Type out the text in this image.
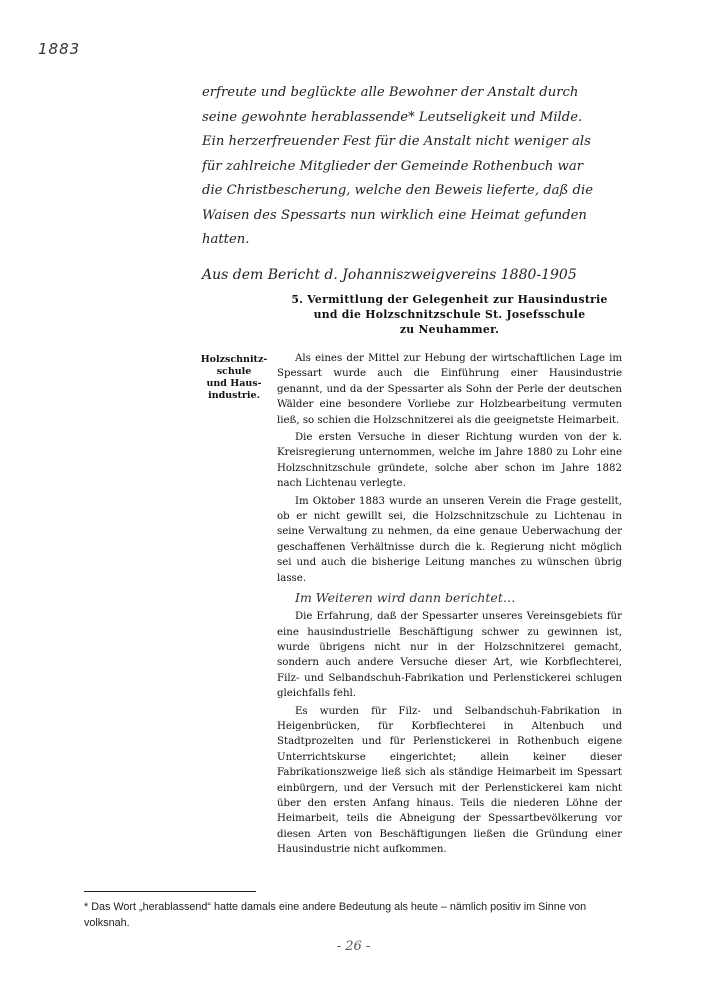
1883

erfreute und beglückte alle Bewohner der Anstalt durch

seine gewohnte herablassende* Leutseligkeit und Milde.

Ein herzerfreuender Fest für die Anstalt nicht weniger als

für zahlreiche Mitglieder der Gemeinde Rothenbuch war

die Christbescherung, welche den Beweis lieferte, daß die

Waisen des Spessarts nun wirklich eine Heimat gefunden

hatten.

Aus dem Bericht d. Johanniszweigvereins 1880-1905

5. Vermittlung der Gelegenheit zur Hausindustrie
und die Holzschnitzschule St. Josefsschule
zu Neuhammer.
Holzschnitz-
schule
und Haus-
industrie.

Als eines der Mittel zur Hebung der wirtschaftlichen Lage im Spessart wurde auch die Einführung einer Hausindustrie genannt, und da der Spessarter als Sohn der Perle der deutschen Wälder eine besondere Vorliebe zur Holzbearbeitung vermuten ließ, so schien die Holzschnitzerei als die geeignetste Heimarbeit.

Die ersten Versuche in dieser Richtung wurden von der k. Kreisregierung unternommen, welche im Jahre 1880 zu Lohr eine Holzschnitzschule gründete, solche aber schon im Jahre 1882 nach Lichtenau verlegte.

Im Oktober 1883 wurde an unseren Verein die Frage gestellt, ob er nicht gewillt sei, die Holzschnitzschule zu Lichtenau in seine Verwaltung zu nehmen, da eine genaue Ueberwachung der geschaffenen Verhältnisse durch die k. Regierung nicht möglich sei und auch die bisherige Leitung manches zu wünschen übrig lasse.

Im Weiteren wird dann berichtet…

Die Erfahrung, daß der Spessarter unseres Vereinsgebiets für eine hausindustrielle Beschäftigung schwer zu gewinnen ist, wurde übrigens nicht nur in der Holzschnitzerei gemacht, sondern auch andere Versuche dieser Art, wie Korbflechterei, Filz- und Selbandschuh-Fabrikation und Perlenstickerei schlugen gleichfalls fehl.

Es wurden für Filz- und Selbandschuh-Fabrikation in Heigenbrücken, für Korbflechterei in Altenbuch und Stadtprozelten und für Perlenstickerei in Rothenbuch eigene Unterrichtskurse eingerichtet; allein keiner dieser Fabrikationszweige ließ sich als ständige Heimarbeit im Spessart einbürgern, und der Versuch mit der Perlenstickerei kam nicht über den ersten Anfang hinaus. Teils die niederen Löhne der Heimarbeit, teils die Abneigung der Spessartbevölkerung vor diesen Arten von Beschäftigungen ließen die Gründung einer Hausindustrie nicht aufkommen.

* Das Wort „herablassend“ hatte damals eine andere Bedeutung als heute – nämlich positiv im Sinne von volksnah.
- 26 -
